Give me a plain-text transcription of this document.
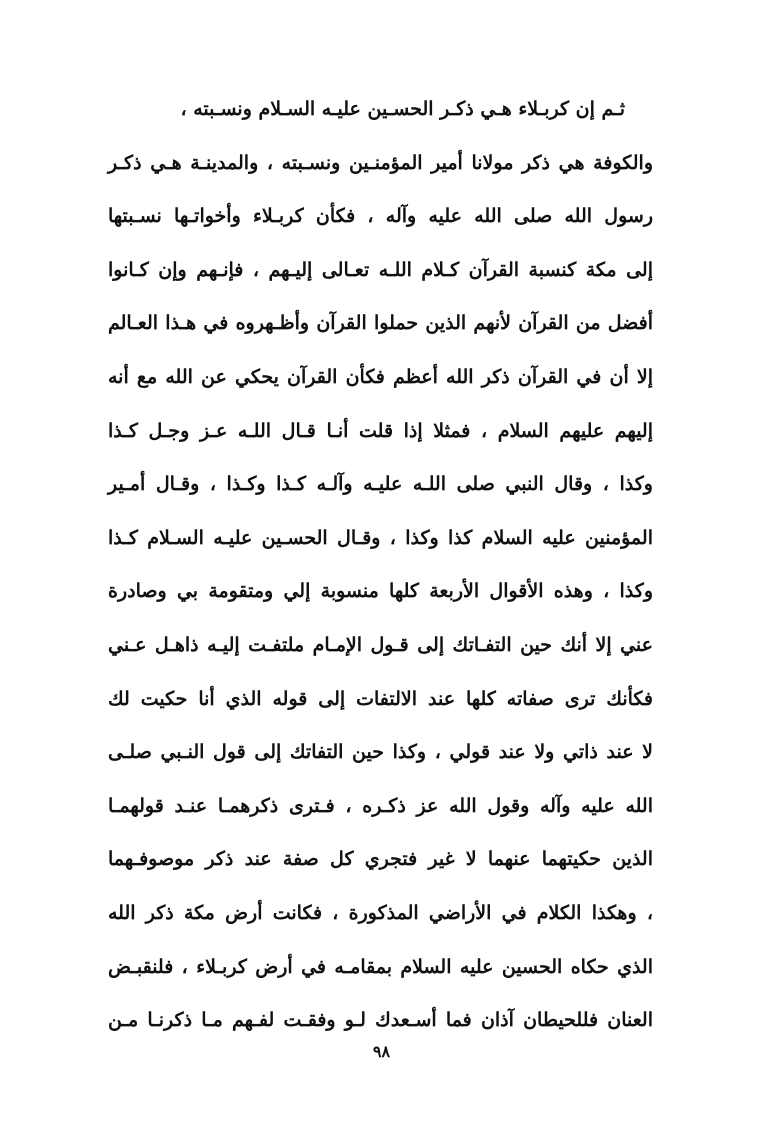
ثـم إن كربـلاء هـي ذكـر الحسـين عليـه السـلام ونسـبته ،
والكوفة هي ذكر مولانا أمير المؤمنـين ونسـبته ، والمدينـة هـي ذكـر
رسول الله صلى الله عليه وآله ، فكأن كربـلاء وأخواتـها نسـبتها
إلى مكة كنسبة القرآن كـلام اللـه تعـالى إليـهم ، فإنـهم وإن كـانوا
أفضل من القرآن لأنهم الذين حملوا القرآن وأظـهروه في هـذا العـالم
إلا أن في القرآن ذكر الله أعظم فكأن القرآن يحكي عن الله مع أنه
إليهم عليهم السلام ، فمثلا إذا قلت أنـا قـال اللـه عـز وجـل كـذا
وكذا ، وقال النبي صلى اللـه عليـه وآلـه كـذا وكـذا ، وقـال أمـير
المؤمنين عليه السلام كذا وكذا ، وقـال الحسـين عليـه السـلام كـذا
وكذا ، وهذه الأقوال الأربعة كلها منسوبة إلي ومتقومة بي وصادرة
عني إلا أنك حين التفـاتك إلى قـول الإمـام ملتفـت إليـه ذاهـل عـني
فكأنك ترى صفاته كلها عند الالتفات إلى قوله الذي أنا حكيت لك
لا عند ذاتي ولا عند قولي ، وكذا حين التفاتك إلى قول النـبي صلـى
الله عليه وآله وقول الله عز ذكـره ، فـترى ذكرهمـا عنـد قولهمـا
الذين حكيتهما عنهما لا غير فتجري كل صفة عند ذكر موصوفـهما
، وهكذا الكلام في الأراضي المذكورة ، فكانت أرض مكة ذكر الله
الذي حكاه الحسين عليه السلام بمقامـه في أرض كربـلاء ، فلنقبـض
العنان فللحيطان آذان فما أسـعدك لـو وفقـت لفـهم مـا ذكرنـا مـن
٩٨
